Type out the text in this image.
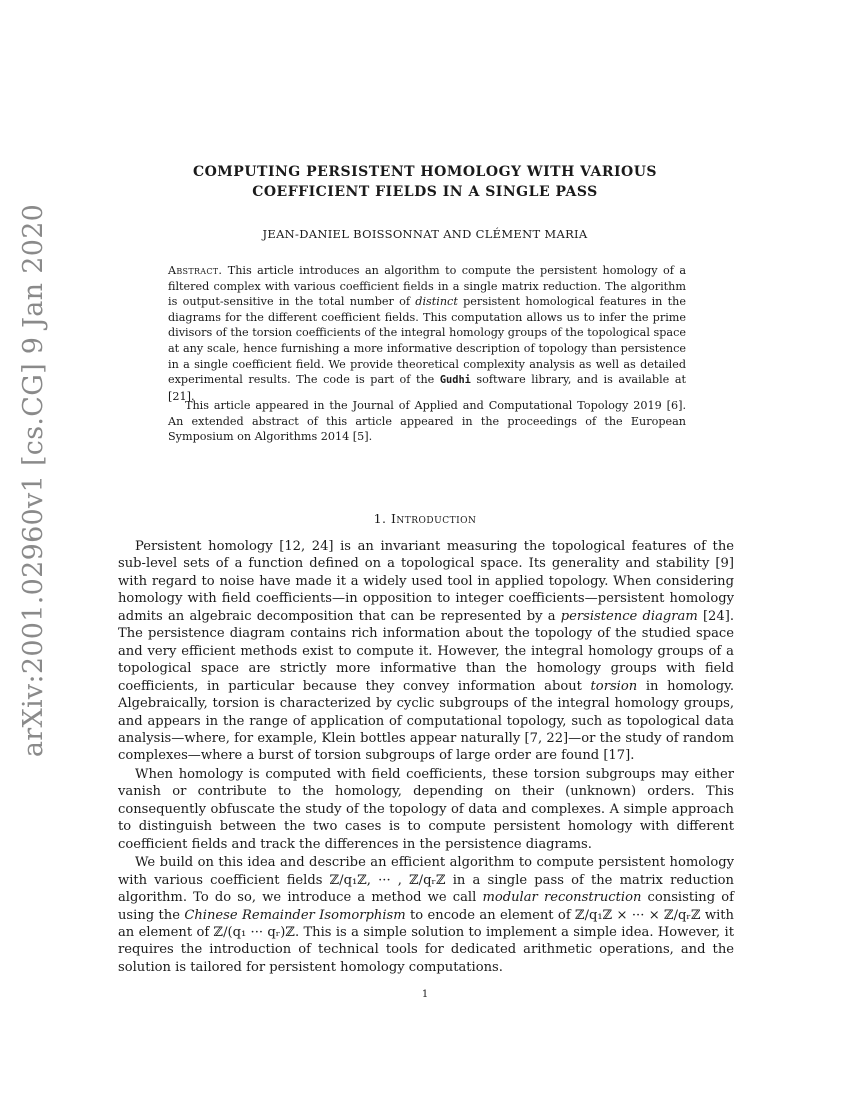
arXiv:2001.02960v1 [cs.CG] 9 Jan 2020
COMPUTING PERSISTENT HOMOLOGY WITH VARIOUS
COEFFICIENT FIELDS IN A SINGLE PASS
JEAN-DANIEL BOISSONNAT AND CLÉMENT MARIA
Abstract. This article introduces an algorithm to compute the persistent homology of a filtered complex with various coefficient fields in a single matrix reduction. The algorithm is output-sensitive in the total number of distinct persistent homological features in the diagrams for the different coefficient fields. This computation allows us to infer the prime divisors of the torsion coefficients of the integral homology groups of the topological space at any scale, hence furnishing a more informative description of topology than persistence in a single coefficient field. We provide theoretical complexity analysis as well as detailed experimental results. The code is part of the Gudhi software library, and is available at [21].
This article appeared in the Journal of Applied and Computational Topology 2019 [6]. An extended abstract of this article appeared in the proceedings of the European Symposium on Algorithms 2014 [5].
1. Introduction

Persistent homology [12, 24] is an invariant measuring the topological features of the sub-level sets of a function defined on a topological space. Its generality and stability [9] with regard to noise have made it a widely used tool in applied topology. When considering homology with field coefficients—in opposition to integer coefficients—persistent homology admits an algebraic decomposition that can be represented by a persistence diagram [24]. The persistence diagram contains rich information about the topology of the studied space and very efficient methods exist to compute it. However, the integral homology groups of a topological space are strictly more informative than the homology groups with field coefficients, in particular because they convey information about torsion in homology. Algebraically, torsion is characterized by cyclic subgroups of the integral homology groups, and appears in the range of application of computational topology, such as topological data analysis—where, for example, Klein bottles appear naturally [7, 22]—or the study of random complexes—where a burst of torsion subgroups of large order are found [17].

When homology is computed with field coefficients, these torsion subgroups may either vanish or contribute to the homology, depending on their (unknown) orders. This consequently obfuscate the study of the topology of data and complexes. A simple approach to distinguish between the two cases is to compute persistent homology with different coefficient fields and track the differences in the persistence diagrams.

We build on this idea and describe an efficient algorithm to compute persistent homology with various coefficient fields ℤ/q₁ℤ, ··· , ℤ/qᵣℤ in a single pass of the matrix reduction algorithm. To do so, we introduce a method we call modular reconstruction consisting of using the Chinese Remainder Isomorphism to encode an element of ℤ/q₁ℤ × ··· × ℤ/qᵣℤ with an element of ℤ/(q₁ ··· qᵣ)ℤ. This is a simple solution to implement a simple idea. However, it requires the introduction of technical tools for dedicated arithmetic operations, and the solution is tailored for persistent homology computations.

1
